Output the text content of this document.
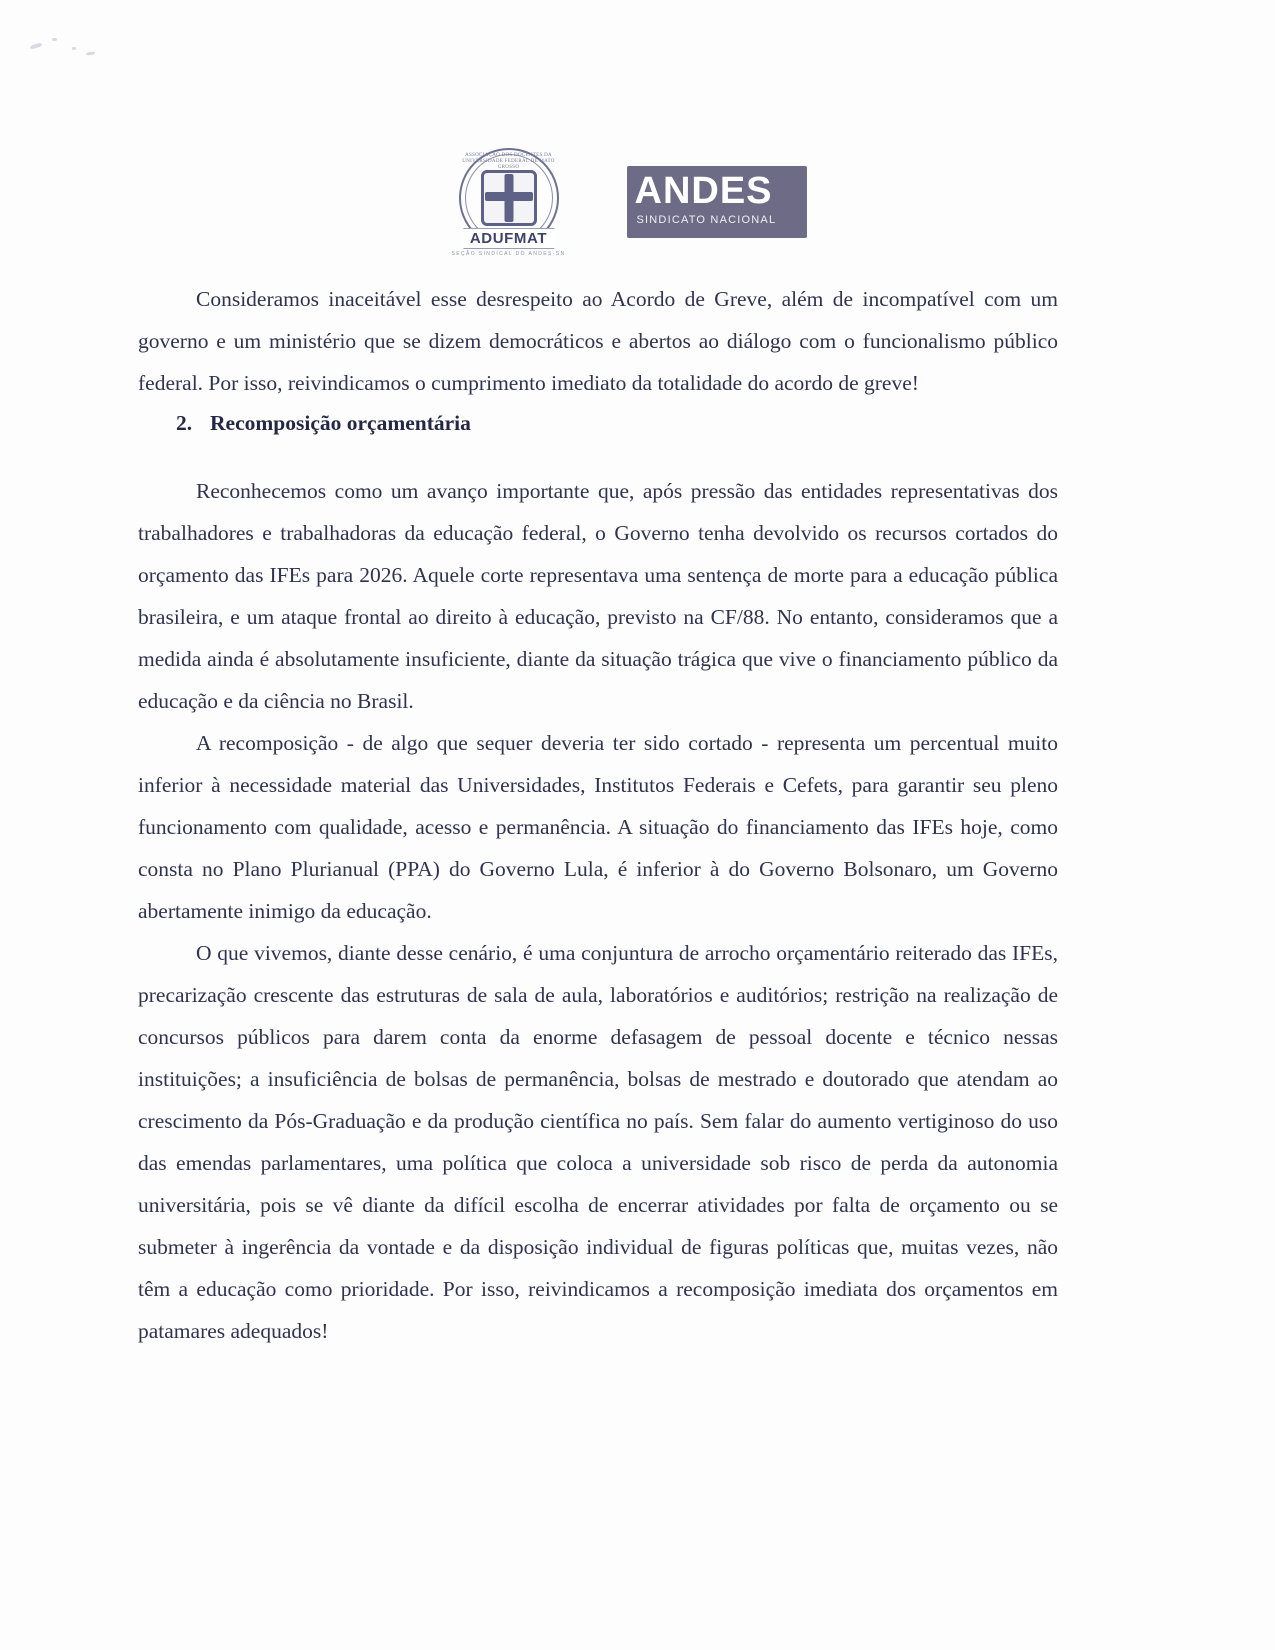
ASSOCIAÇÃO DOS DOCENTES DA UNIVERSIDADE FEDERAL DE MATO GROSSO
ADUFMAT
SEÇÃO SINDICAL DO ANDES-SN
ANDES
SINDICATO NACIONAL

Consideramos inaceitável esse desrespeito ao Acordo de Greve, além de incompatível com um governo e um ministério que se dizem democráticos e abertos ao diálogo com o funcionalismo público federal. Por isso, reivindicamos o cumprimento imediato da totalidade do acordo de greve!

2. Recomposição orçamentária

Reconhecemos como um avanço importante que, após pressão das entidades representativas dos trabalhadores e trabalhadoras da educação federal, o Governo tenha devolvido os recursos cortados do orçamento das IFEs para 2026. Aquele corte representava uma sentença de morte para a educação pública brasileira, e um ataque frontal ao direito à educação, previsto na CF/88. No entanto, consideramos que a medida ainda é absolutamente insuficiente, diante da situação trágica que vive o financiamento público da educação e da ciência no Brasil.

A recomposição - de algo que sequer deveria ter sido cortado - representa um percentual muito inferior à necessidade material das Universidades, Institutos Federais e Cefets, para garantir seu pleno funcionamento com qualidade, acesso e permanência. A situação do financiamento das IFEs hoje, como consta no Plano Plurianual (PPA) do Governo Lula, é inferior à do Governo Bolsonaro, um Governo abertamente inimigo da educação.

O que vivemos, diante desse cenário, é uma conjuntura de arrocho orçamentário reiterado das IFEs, precarização crescente das estruturas de sala de aula, laboratórios e auditórios; restrição na realização de concursos públicos para darem conta da enorme defasagem de pessoal docente e técnico nessas instituições; a insuficiência de bolsas de permanência, bolsas de mestrado e doutorado que atendam ao crescimento da Pós-Graduação e da produção científica no país. Sem falar do aumento vertiginoso do uso das emendas parlamentares, uma política que coloca a universidade sob risco de perda da autonomia universitária, pois se vê diante da difícil escolha de encerrar atividades por falta de orçamento ou se submeter à ingerência da vontade e da disposição individual de figuras políticas que, muitas vezes, não têm a educação como prioridade. Por isso, reivindicamos a recomposição imediata dos orçamentos em patamares adequados!
